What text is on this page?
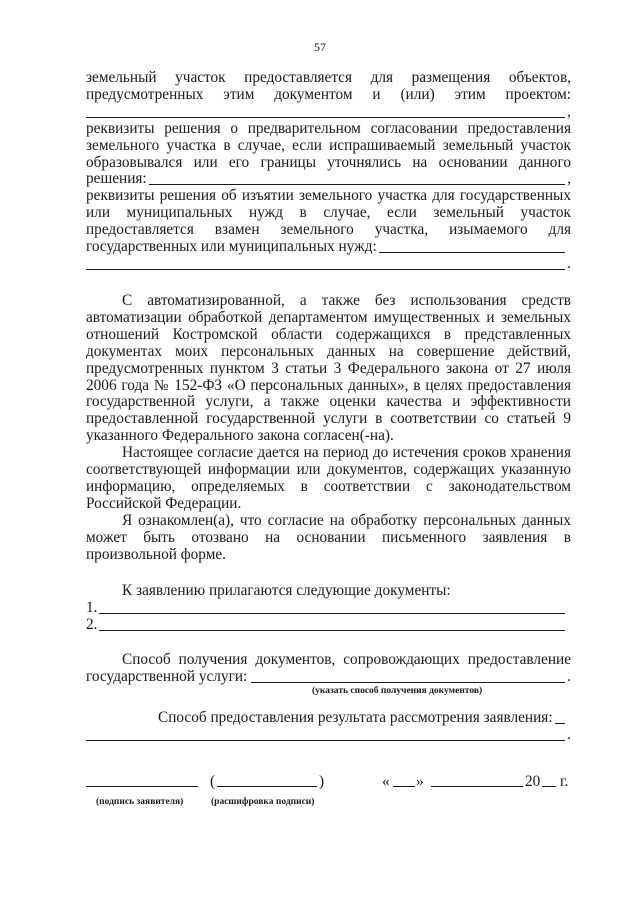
57
земельный участок предоставляется для размещения объектов,
предусмотренных этим документом и (или) этим проектом:
,
реквизиты решения о предварительном согласовании предоставления
земельного участка в случае, если испрашиваемый земельный участок
образовывался или его границы уточнялись на основании данного
решения:	,
реквизиты решения об изъятии земельного участка для государственных
или муниципальных нужд в случае, если земельный участок
предоставляется взамен земельного участка, изымаемого для
государственных или муниципальных нужд:
.

С автоматизированной, а также без использования средств автоматизации обработкой департаментом имущественных и земельных отношений Костромской области содержащихся в представленных документах моих персональных данных на совершение действий, предусмотренных пунктом 3 статьи 3 Федерального закона от 27 июля 2006 года № 152-ФЗ «О персональных данных», в целях предоставления государственной услуги, а также оценки качества и эффективности предоставленной государственной услуги в соответствии со статьей 9 указанного Федерального закона согласен(-на).

Настоящее согласие дается на период до истечения сроков хранения соответствующей информации или документов, содержащих указанную информацию, определяемых в соответствии с законодательством Российской Федерации.

Я ознакомлен(а), что согласие на обработку персональных данных может быть отозвано на основании письменного заявления в произвольной форме.

К заявлению прилагаются следующие документы:
1.
2.
Способ получения документов, сопровождающих предоставление
государственной услуги:	.
(указать способ получения документов)
Способ предоставления результата рассмотрения заявления:
.
(	)	« »	20 г.
(подпись заявителя)	(расшифровка подписи)
